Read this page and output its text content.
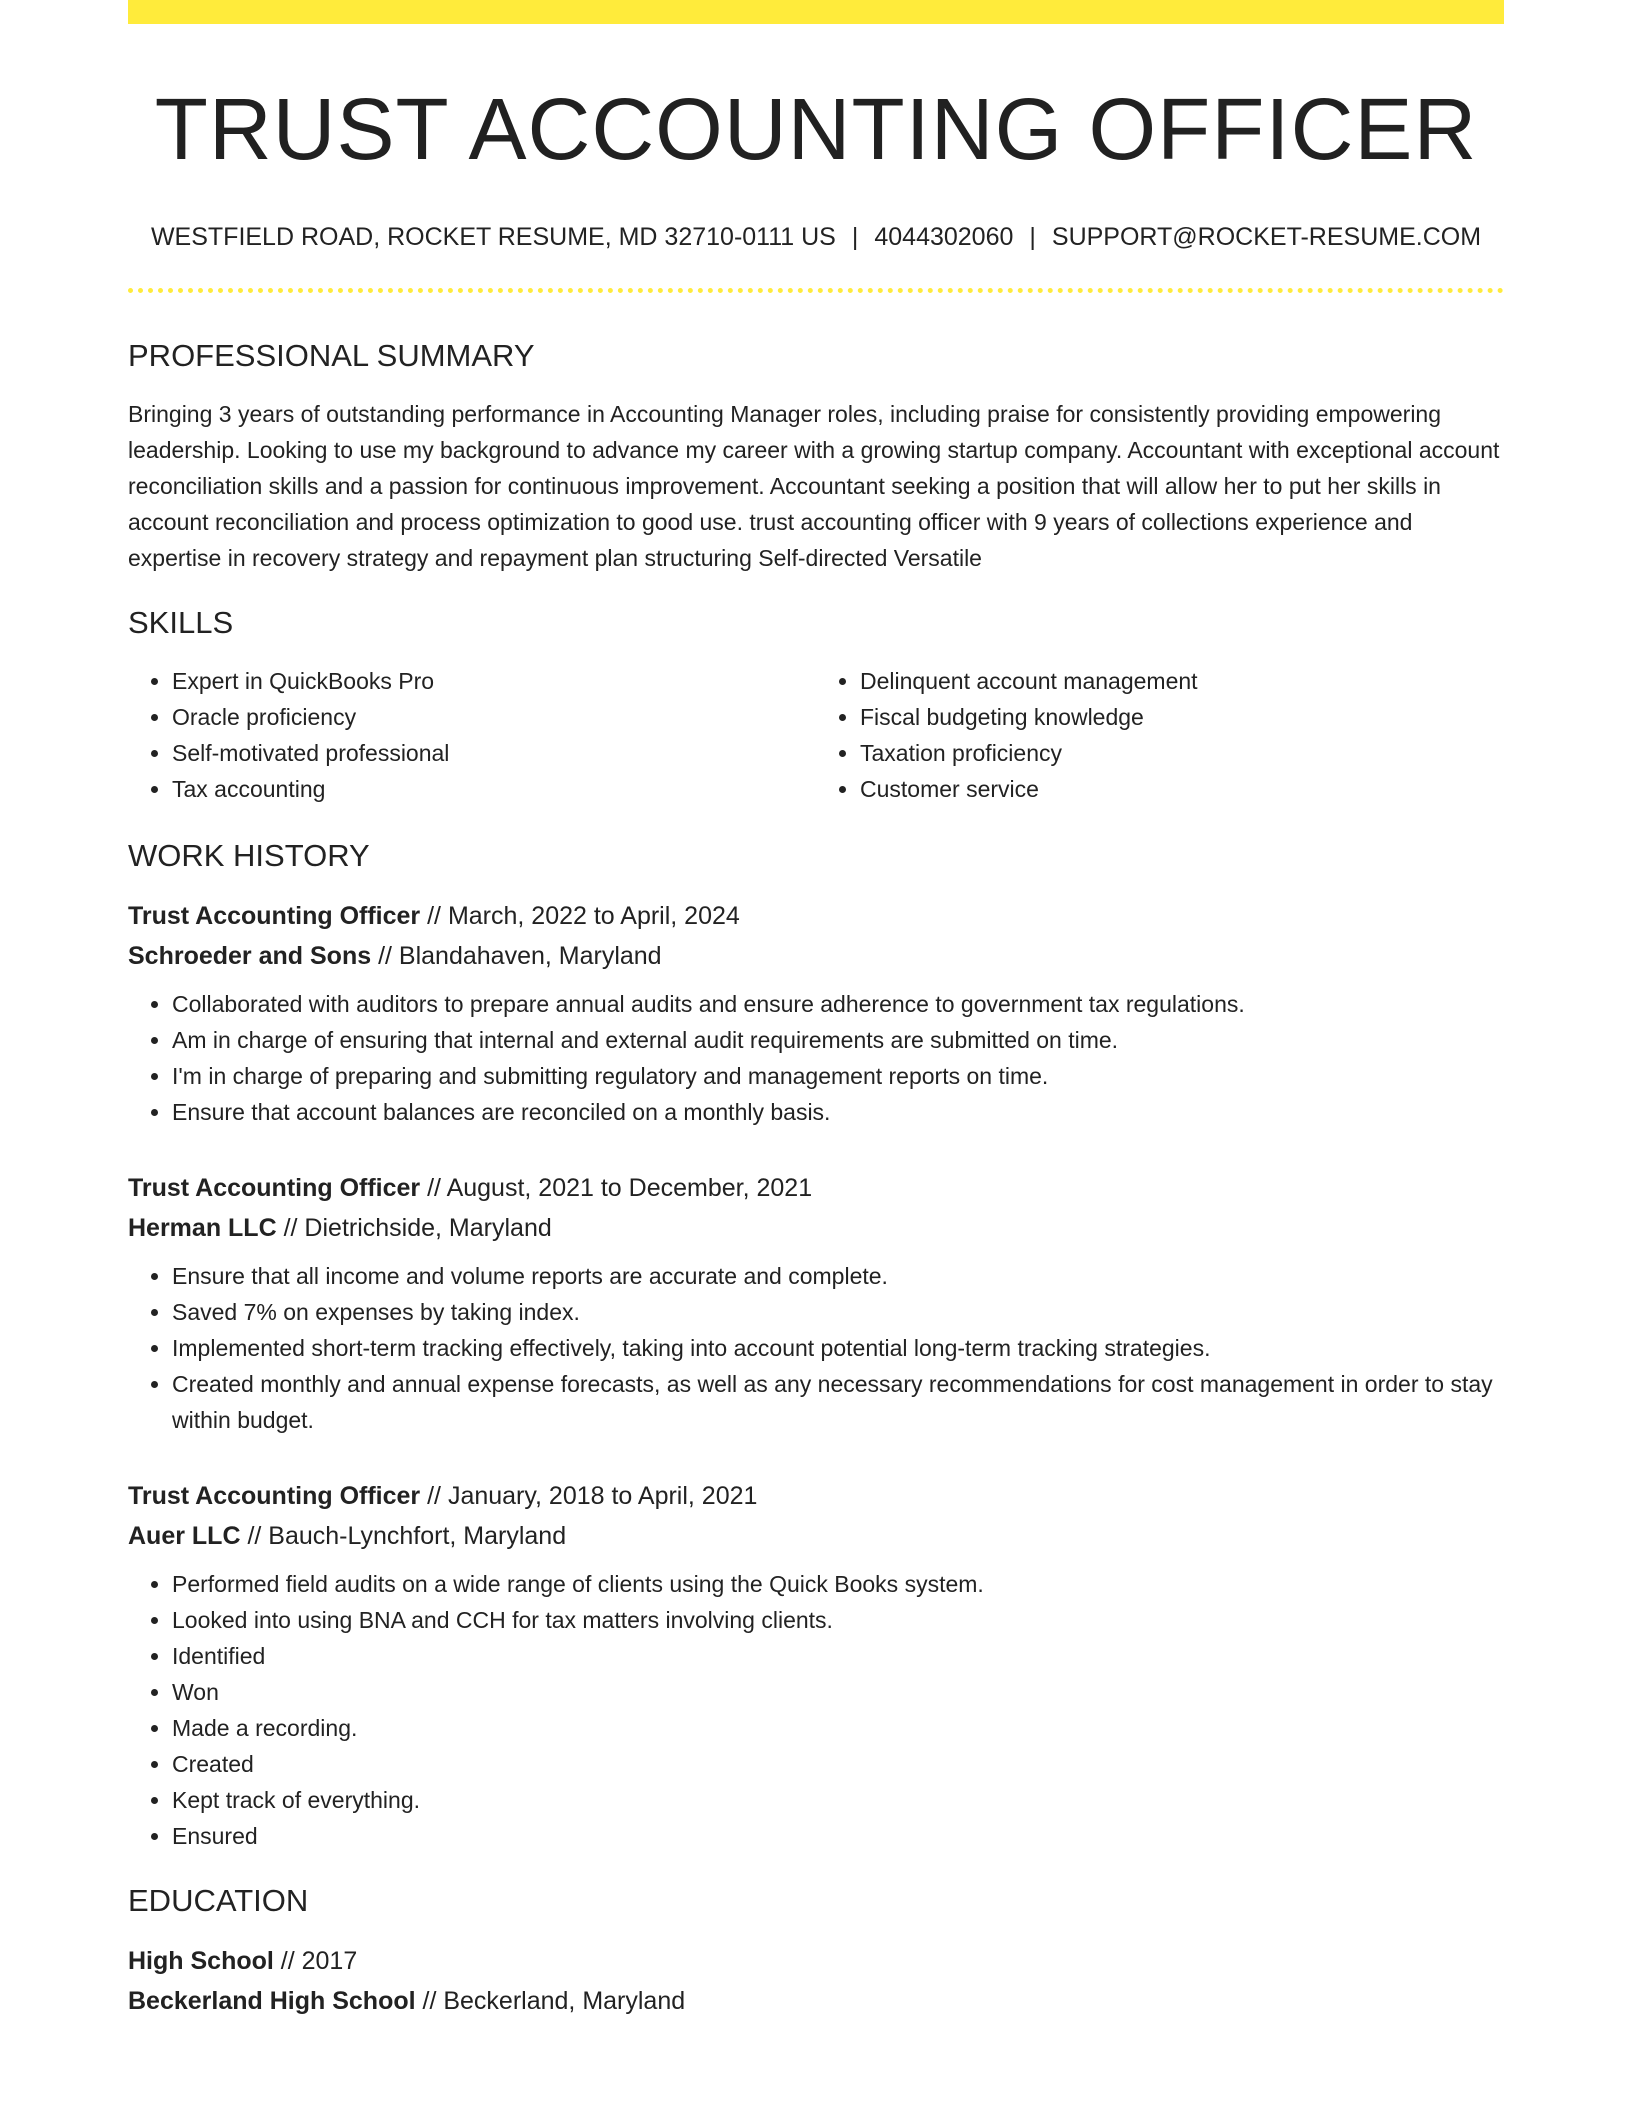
TRUST ACCOUNTING OFFICER
WESTFIELD ROAD, ROCKET RESUME, MD 32710-0111 US | 4044302060 | SUPPORT@ROCKET-RESUME.COM
PROFESSIONAL SUMMARY
Bringing 3 years of outstanding performance in Accounting Manager roles, including praise for consistently providing empowering leadership. Looking to use my background to advance my career with a growing startup company. Accountant with exceptional account reconciliation skills and a passion for continuous improvement. Accountant seeking a position that will allow her to put her skills in account reconciliation and process optimization to good use. trust accounting officer with 9 years of collections experience and expertise in recovery strategy and repayment plan structuring Self-directed Versatile
SKILLS
• Expert in QuickBooks Pro
• Oracle proficiency
• Self-motivated professional
• Tax accounting
• Delinquent account management
• Fiscal budgeting knowledge
• Taxation proficiency
• Customer service
WORK HISTORY
Trust Accounting Officer // March, 2022 to April, 2024
Schroeder and Sons // Blandahaven, Maryland
• Collaborated with auditors to prepare annual audits and ensure adherence to government tax regulations.
• Am in charge of ensuring that internal and external audit requirements are submitted on time.
• I'm in charge of preparing and submitting regulatory and management reports on time.
• Ensure that account balances are reconciled on a monthly basis.
Trust Accounting Officer // August, 2021 to December, 2021
Herman LLC // Dietrichside, Maryland
• Ensure that all income and volume reports are accurate and complete.
• Saved 7% on expenses by taking index.
• Implemented short-term tracking effectively, taking into account potential long-term tracking strategies.
• Created monthly and annual expense forecasts, as well as any necessary recommendations for cost management in order to stay within budget.
Trust Accounting Officer // January, 2018 to April, 2021
Auer LLC // Bauch-Lynchfort, Maryland
• Performed field audits on a wide range of clients using the Quick Books system.
• Looked into using BNA and CCH for tax matters involving clients.
• Identified
• Won
• Made a recording.
• Created
• Kept track of everything.
• Ensured
EDUCATION
High School // 2017
Beckerland High School // Beckerland, Maryland
